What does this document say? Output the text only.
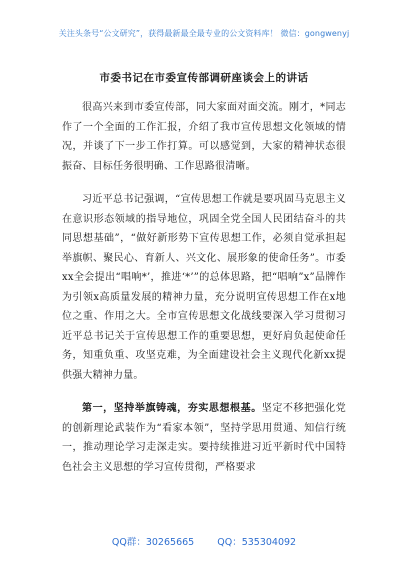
关注头条号“公文研究”，获得最新最全最专业的公文资料库！ 微信：gongwenyj
市委书记在市委宣传部调研座谈会上的讲话

很高兴来到市委宣传部，同大家面对面交流。刚才，*同志作了一个全面的工作汇报，介绍了我市宣传思想文化领域的情况，并谈了下一步工作打算。可以感觉到，大家的精神状态很振奋、目标任务很明确、工作思路很清晰。

习近平总书记强调，“宣传思想工作就是要巩固马克思主义在意识形态领域的指导地位，巩固全党全国人民团结奋斗的共同思想基础”，“做好新形势下宣传思想工作，必须自觉承担起举旗帜、聚民心、育新人、兴文化、展形象的使命任务”。市委xx全会提出“唱响*’，推进‘*’”的总体思路，把“唱响”x”品牌作为引领x高质量发展的精神力量，充分说明宣传思想工作在x地位之重、作用之大。全市宣传思想文化战线要深入学习贯彻习近平总书记关于宣传思想工作的重要思想，更好肩负起使命任务，知重负重、攻坚克难，为全面建设社会主义现代化新xx提供强大精神力量。

第一，坚持举旗铸魂，夯实思想根基。坚定不移把强化党的创新理论武装作为“看家本领”，坚持学思用贯通、知信行统一，推动理论学习走深走实。要持续推进习近平新时代中国特色社会主义思想的学习宣传贯彻，严格要求

QQ群：30265665 QQ：535304092
